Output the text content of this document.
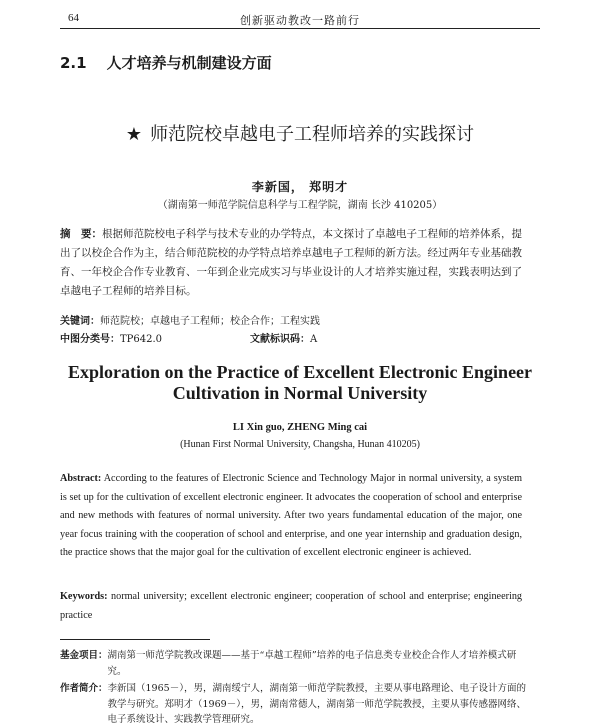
64	创新驱动教改一路前行
2.1 人才培养与机制建设方面
★ 师范院校卓越电子工程师培养的实践探讨
李新国， 郑明才
（湖南第一师范学院信息科学与工程学院，湖南 长沙 410205）
摘　要：根据师范院校电子科学与技术专业的办学特点，本文探讨了卓越电子工程师的培养体系，提出了以校企合作为主，结合师范院校的办学特点培养卓越电子工程师的新方法。经过两年专业基础教育、一年校企合作专业教育、一年到企业完成实习与毕业设计的人才培养实施过程，实践表明达到了卓越电子工程师的培养目标。
关键词：师范院校；卓越电子工程师；校企合作；工程实践
中图分类号：TP642.0	文献标识码：A
Exploration on the Practice of Excellent Electronic Engineer
Cultivation in Normal University
LI Xin guo, ZHENG Ming cai
(Hunan First Normal University, Changsha, Hunan 410205)
Abstract: According to the features of Electronic Science and Technology Major in normal university, a system is set up for the cultivation of excellent electronic engineer. It advocates the cooperation of school and enterprise and new methods with features of normal university. After two years fundamental education of the major, one year focus training with the cooperation of school and enterprise, and one year internship and graduation design, the practice shows that the major goal for the cultivation of excellent electronic engineer is achieved.
Keywords: normal university; excellent electronic engineer; cooperation of school and enterprise; engineering practice
基金项目： 湖南第一师范学院教改课题——基于“卓越工程师”培养的电子信息类专业校企合作人才培养模式研究。
作者简介： 李新国（1965－），男，湖南绥宁人，湖南第一师范学院教授，主要从事电路理论、电子设计方面的教学与研究。郑明才（1969－），男，湖南常德人，湖南第一师范学院教授，主要从事传感器网络、电子系统设计、实践教学管理研究。
